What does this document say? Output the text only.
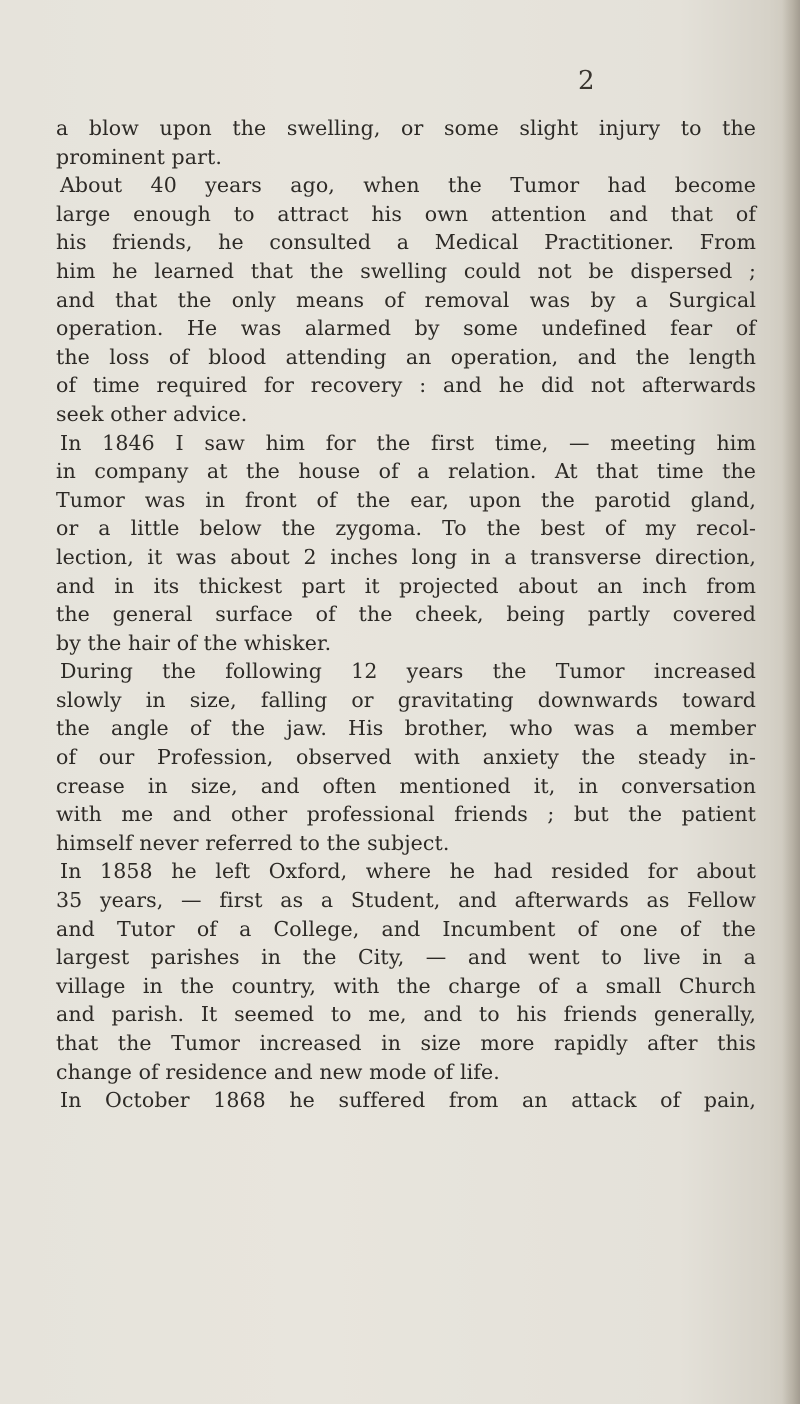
2
a blow upon the swelling, or some slight injury to the
prominent part.
About 40 years ago, when the Tumor had become
large enough to attract his own attention and that of
his friends, he consulted a Medical Practitioner. From
him he learned that the swelling could not be dispersed ;
and that the only means of removal was by a Surgical
operation. He was alarmed by some undefined fear of
the loss of blood attending an operation, and the length
of time required for recovery : and he did not afterwards
seek other advice.
In 1846 I saw him for the first time, — meeting him
in company at the house of a relation. At that time the
Tumor was in front of the ear, upon the parotid gland,
or a little below the zygoma. To the best of my recol-
lection, it was about 2 inches long in a transverse direction,
and in its thickest part it projected about an inch from
the general surface of the cheek, being partly covered
by the hair of the whisker.
During the following 12 years the Tumor increased
slowly in size, falling or gravitating downwards toward
the angle of the jaw. His brother, who was a member
of our Profession, observed with anxiety the steady in-
crease in size, and often mentioned it, in conversation
with me and other professional friends ; but the patient
himself never referred to the subject.
In 1858 he left Oxford, where he had resided for about
35 years, — first as a Student, and afterwards as Fellow
and Tutor of a College, and Incumbent of one of the
largest parishes in the City, — and went to live in a
village in the country, with the charge of a small Church
and parish. It seemed to me, and to his friends generally,
that the Tumor increased in size more rapidly after this
change of residence and new mode of life.
In October 1868 he suffered from an attack of pain,
